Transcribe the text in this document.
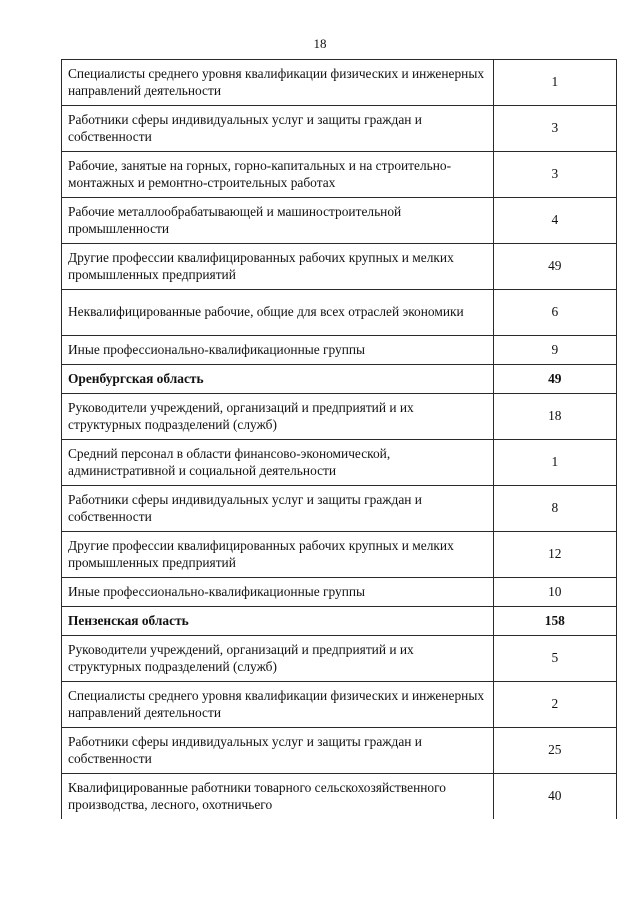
18
Специалисты среднего уровня квалификации физических и инженерных направлений деятельности	1
Работники сферы индивидуальных услуг и защиты граждан и собственности	3
Рабочие, занятые на горных, горно-капитальных и на строительно-монтажных и ремонтно-строительных работах	3
Рабочие металлообрабатывающей и машиностроительной промышленности	4
Другие профессии квалифицированных рабочих крупных и мелких промышленных предприятий	49
Неквалифицированные рабочие, общие для всех отраслей экономики	6
Иные профессионально-квалификационные группы	9
Оренбургская область	49
Руководители учреждений, организаций и предприятий и их структурных подразделений (служб)	18
Средний персонал в области финансово-экономической, административной и социальной деятельности	1
Работники сферы индивидуальных услуг и защиты граждан и собственности	8
Другие профессии квалифицированных рабочих крупных и мелких промышленных предприятий	12
Иные профессионально-квалификационные группы	10
Пензенская область	158
Руководители учреждений, организаций и предприятий и их структурных подразделений (служб)	5
Специалисты среднего уровня квалификации физических и инженерных направлений деятельности	2
Работники сферы индивидуальных услуг и защиты граждан и собственности	25
Квалифицированные работники товарного сельскохозяйственного производства, лесного, охотничьего	40
